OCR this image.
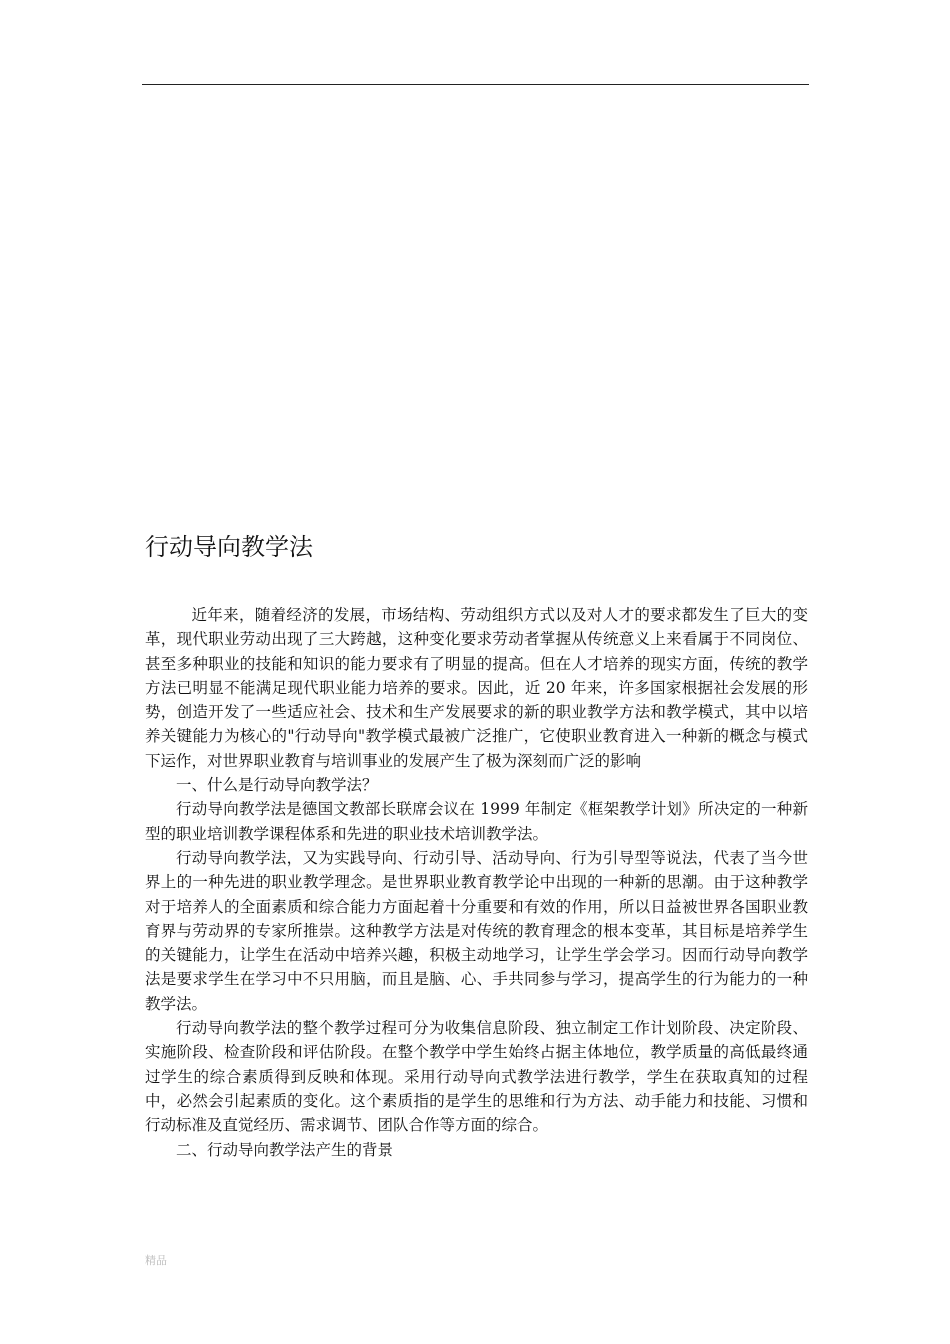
行动导向教学法

近年来，随着经济的发展，市场结构、劳动组织方式以及对人才的要求都发生了巨大的变革，现代职业劳动出现了三大跨越，这种变化要求劳动者掌握从传统意义上来看属于不同岗位、甚至多种职业的技能和知识的能力要求有了明显的提高。但在人才培养的现实方面，传统的教学方法已明显不能满足现代职业能力培养的要求。因此，近 20 年来，许多国家根据社会发展的形势，创造开发了一些适应社会、技术和生产发展要求的新的职业教学方法和教学模式，其中以培养关键能力为核心的"行动导向"教学模式最被广泛推广，它使职业教育进入一种新的概念与模式下运作，对世界职业教育与培训事业的发展产生了极为深刻而广泛的影响

一、什么是行动导向教学法？

行动导向教学法是德国文教部长联席会议在 1999 年制定《框架教学计划》所决定的一种新型的职业培训教学课程体系和先进的职业技术培训教学法。

行动导向教学法，又为实践导向、行动引导、活动导向、行为引导型等说法，代表了当今世界上的一种先进的职业教学理念。是世界职业教育教学论中出现的一种新的思潮。由于这种教学对于培养人的全面素质和综合能力方面起着十分重要和有效的作用，所以日益被世界各国职业教育界与劳动界的专家所推崇。这种教学方法是对传统的教育理念的根本变革，其目标是培养学生的关键能力，让学生在活动中培养兴趣，积极主动地学习，让学生学会学习。因而行动导向教学法是要求学生在学习中不只用脑，而且是脑、心、手共同参与学习，提高学生的行为能力的一种教学法。

行动导向教学法的整个教学过程可分为收集信息阶段、独立制定工作计划阶段、决定阶段、实施阶段、检查阶段和评估阶段。在整个教学中学生始终占据主体地位，教学质量的高低最终通过学生的综合素质得到反映和体现。采用行动导向式教学法进行教学，学生在获取真知的过程中，必然会引起素质的变化。这个素质指的是学生的思维和行为方法、动手能力和技能、习惯和行动标准及直觉经历、需求调节、团队合作等方面的综合。

二、行动导向教学法产生的背景

精品
